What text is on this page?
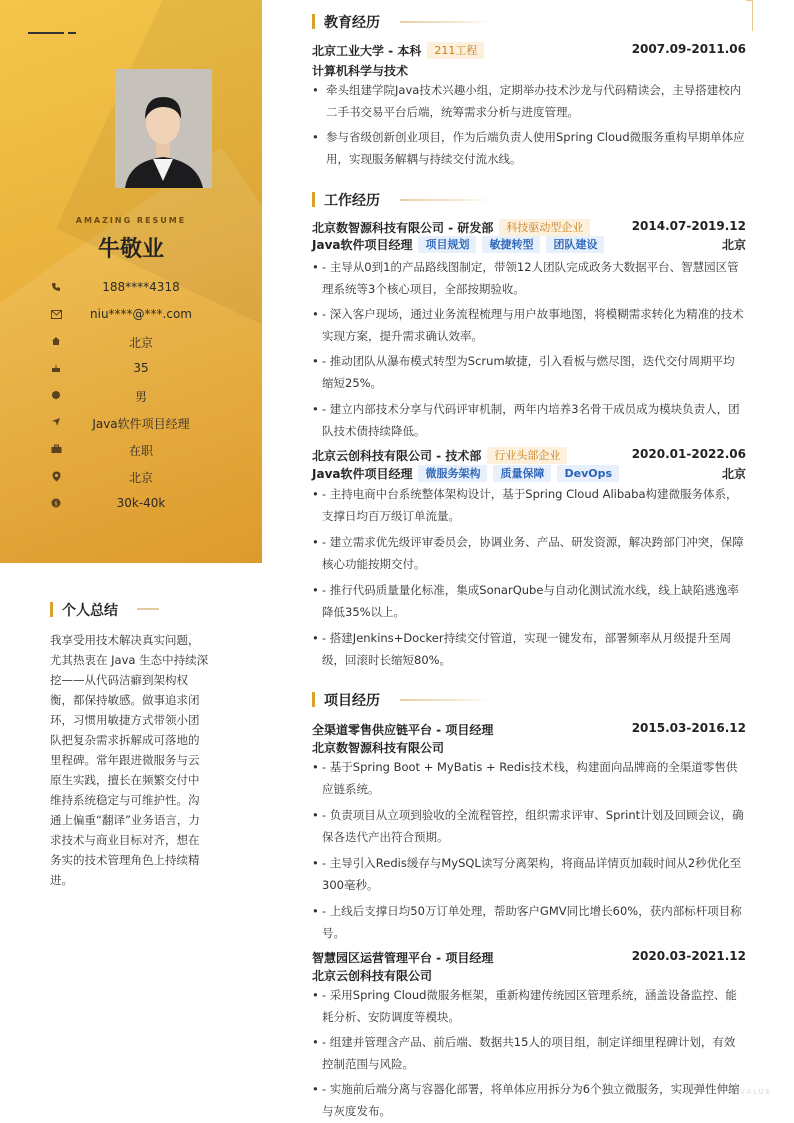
AMAZING RESUME
牛敬业
188****4318
niu****@***.com
北京
35
男
Java软件项目经理
在职
北京
$	30k-40k
个人总结
我享受用技术解决真实问题，尤其热衷在 Java 生态中持续深挖——从代码洁癖到架构权衡，都保持敏感。做事追求闭环，习惯用敏捷方式带领小团队把复杂需求拆解成可落地的里程碑。常年跟进微服务与云原生实践，擅长在频繁交付中维持系统稳定与可维护性。沟通上偏重“翻译”业务语言，力求技术与商业目标对齐，想在务实的技术管理角色上持续精进。
教育经历
北京工业大学 - 本科 211工程	2007.09-2011.06
计算机科学与技术
• 牵头组建学院Java技术兴趣小组，定期举办技术沙龙与代码精读会，主导搭建校内二手书交易平台后端，统筹需求分析与进度管理。
• 参与省级创新创业项目，作为后端负责人使用Spring Cloud微服务重构早期单体应用，实现服务解耦与持续交付流水线。
工作经历
北京数智源科技有限公司 - 研发部 科技驱动型企业	2014.07-2019.12
Java软件项目经理 项目规划 敏捷转型 团队建设	北京
• - 主导从0到1的产品路线图制定，带领12人团队完成政务大数据平台、智慧园区管理系统等3个核心项目，全部按期验收。
• - 深入客户现场，通过业务流程梳理与用户故事地图，将模糊需求转化为精准的技术实现方案，提升需求确认效率。
• - 推动团队从瀑布模式转型为Scrum敏捷，引入看板与燃尽图，迭代交付周期平均缩短25%。
• - 建立内部技术分享与代码评审机制，两年内培养3名骨干成员成为模块负责人，团队技术债持续降低。
北京云创科技有限公司 - 技术部 行业头部企业	2020.01-2022.06
Java软件项目经理 微服务架构 质量保障 DevOps	北京
• - 主持电商中台系统整体架构设计，基于Spring Cloud Alibaba构建微服务体系，支撑日均百万级订单流量。
• - 建立需求优先级评审委员会，协调业务、产品、研发资源，解决跨部门冲突，保障核心功能按期交付。
• - 推行代码质量量化标准，集成SonarQube与自动化测试流水线，线上缺陷逃逸率降低35%以上。
• - 搭建Jenkins+Docker持续交付管道，实现一键发布，部署频率从月级提升至周级，回滚时长缩短80%。
项目经历
全渠道零售供应链平台 - 项目经理	2015.03-2016.12
北京数智源科技有限公司
• - 基于Spring Boot + MyBatis + Redis技术栈，构建面向品牌商的全渠道零售供应链系统。
• - 负责项目从立项到验收的全流程管控，组织需求评审、Sprint计划及回顾会议，确保各迭代产出符合预期。
• - 主导引入Redis缓存与MySQL读写分离架构，将商品详情页加载时间从2秒优化至300毫秒。
• - 上线后支撑日均50万订单处理，帮助客户GMV同比增长60%，获内部标杆项目称号。
智慧园区运营管理平台 - 项目经理	2020.03-2021.12
北京云创科技有限公司
• - 采用Spring Cloud微服务框架，重新构建传统园区管理系统，涵盖设备监控、能耗分析、安防调度等模块。
• - 组建并管理含产品、前后端、数据共15人的项目组，制定详细里程碑计划，有效控制范围与风险。
• - 实施前后端分离与容器化部署，将单体应用拆分为6个独立微服务，实现弹性伸缩与灰度发布。
VALUE
